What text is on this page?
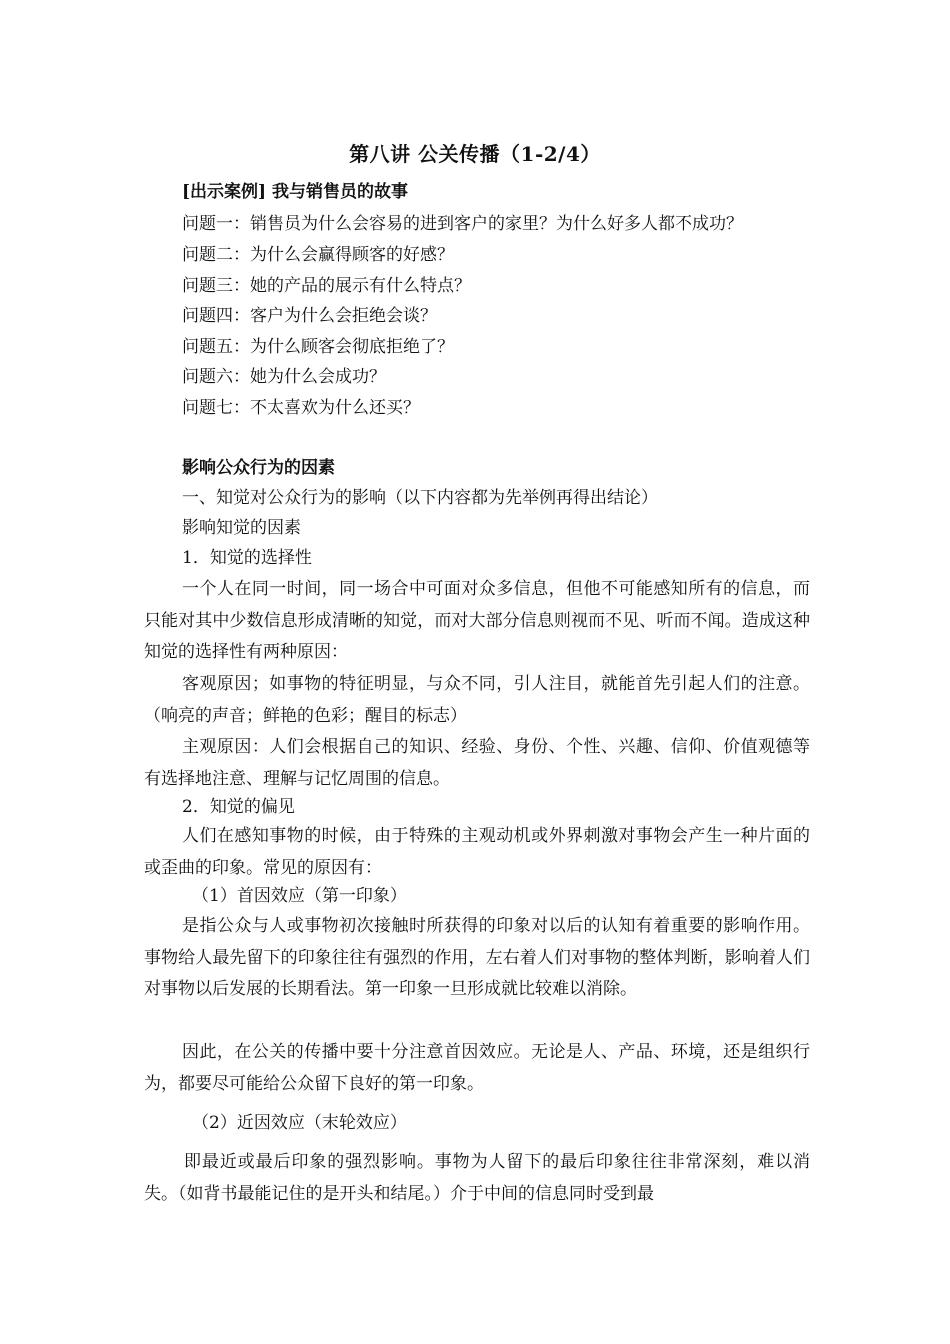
第八讲 公关传播（1-2/4）
[出示案例] 我与销售员的故事
问题一：销售员为什么会容易的进到客户的家里？为什么好多人都不成功？
问题二：为什么会赢得顾客的好感？
问题三：她的产品的展示有什么特点？
问题四：客户为什么会拒绝会谈？
问题五：为什么顾客会彻底拒绝了？
问题六：她为什么会成功？
问题七：不太喜欢为什么还买？
影响公众行为的因素
一、知觉对公众行为的影响（以下内容都为先举例再得出结论）
影响知觉的因素
1．知觉的选择性
一个人在同一时间，同一场合中可面对众多信息，但他不可能感知所有的信息，而只能对其中少数信息形成清晰的知觉，而对大部分信息则视而不见、听而不闻。造成这种知觉的选择性有两种原因：
客观原因；如事物的特征明显，与众不同，引人注目，就能首先引起人们的注意。（响亮的声音；鲜艳的色彩；醒目的标志）
主观原因：人们会根据自己的知识、经验、身份、个性、兴趣、信仰、价值观德等有选择地注意、理解与记忆周围的信息。
2．知觉的偏见
人们在感知事物的时候，由于特殊的主观动机或外界刺激对事物会产生一种片面的或歪曲的印象。常见的原因有：
（1）首因效应（第一印象）
是指公众与人或事物初次接触时所获得的印象对以后的认知有着重要的影响作用。事物给人最先留下的印象往往有强烈的作用，左右着人们对事物的整体判断，影响着人们对事物以后发展的长期看法。第一印象一旦形成就比较难以消除。
因此，在公关的传播中要十分注意首因效应。无论是人、产品、环境，还是组织行为，都要尽可能给公众留下良好的第一印象。
（2）近因效应（末轮效应）
即最近或最后印象的强烈影响。事物为人留下的最后印象往往非常深刻，难以消失。（如背书最能记住的是开头和结尾。）介于中间的信息同时受到最
